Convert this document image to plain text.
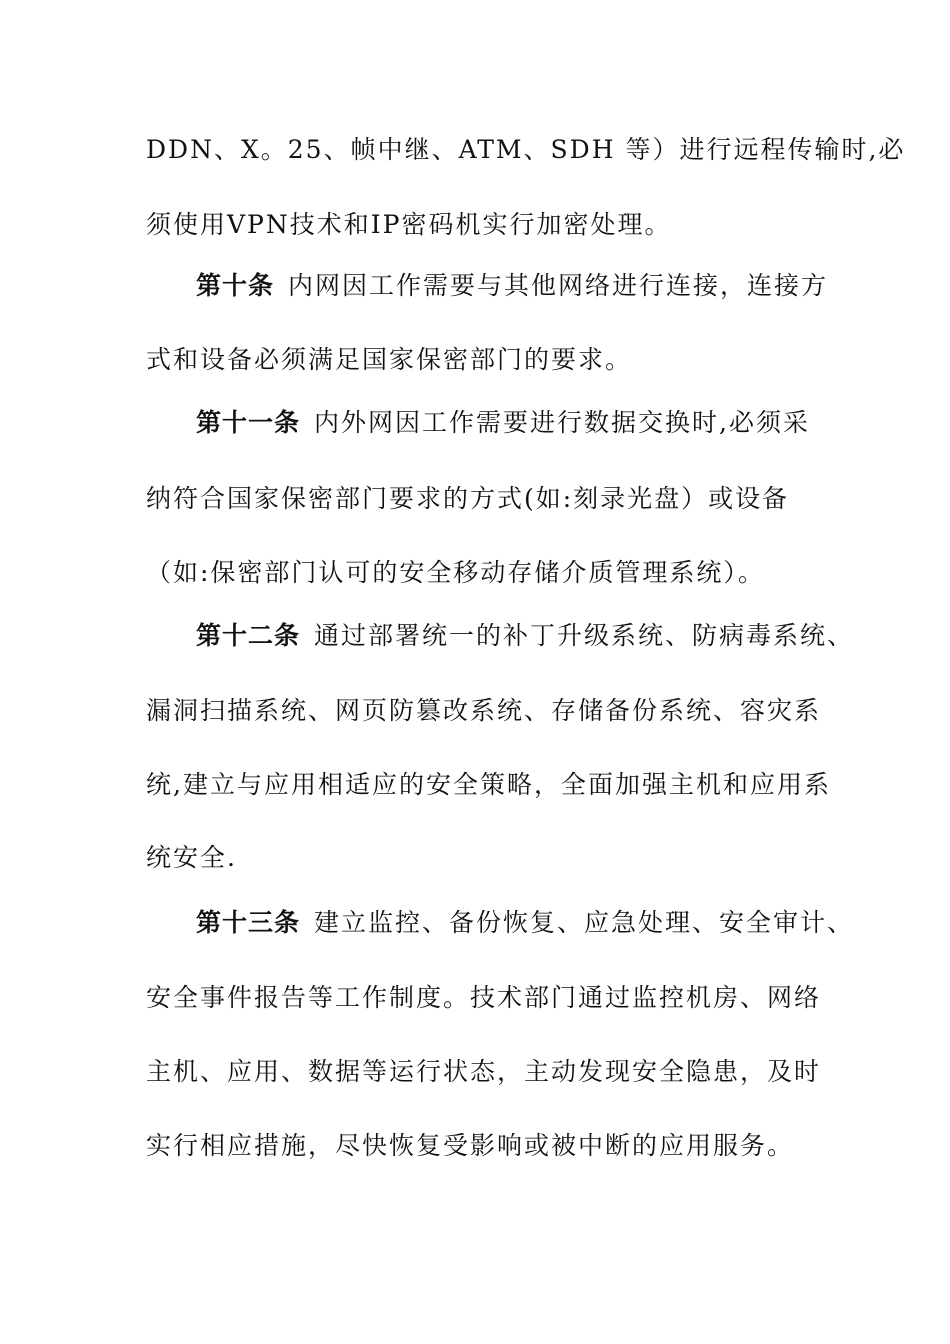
DDN、X。25、帧中继、ATM、SDH 等）进行远程传输时,必
须使用VPN技术和IP密码机实行加密处理。
第十条 内网因工作需要与其他网络进行连接，连接方
式和设备必须满足国家保密部门的要求。
第十一条 内外网因工作需要进行数据交换时,必须采
纳符合国家保密部门要求的方式(如:刻录光盘）或设备
（如:保密部门认可的安全移动存储介质管理系统）。
第十二条 通过部署统一的补丁升级系统、防病毒系统、
漏洞扫描系统、网页防篡改系统、存储备份系统、容灾系
统,建立与应用相适应的安全策略，全面加强主机和应用系
统安全.
第十三条 建立监控、备份恢复、应急处理、安全审计、
安全事件报告等工作制度。技术部门通过监控机房、网络
主机、应用、数据等运行状态，主动发现安全隐患，及时
实行相应措施，尽快恢复受影响或被中断的应用服务。
